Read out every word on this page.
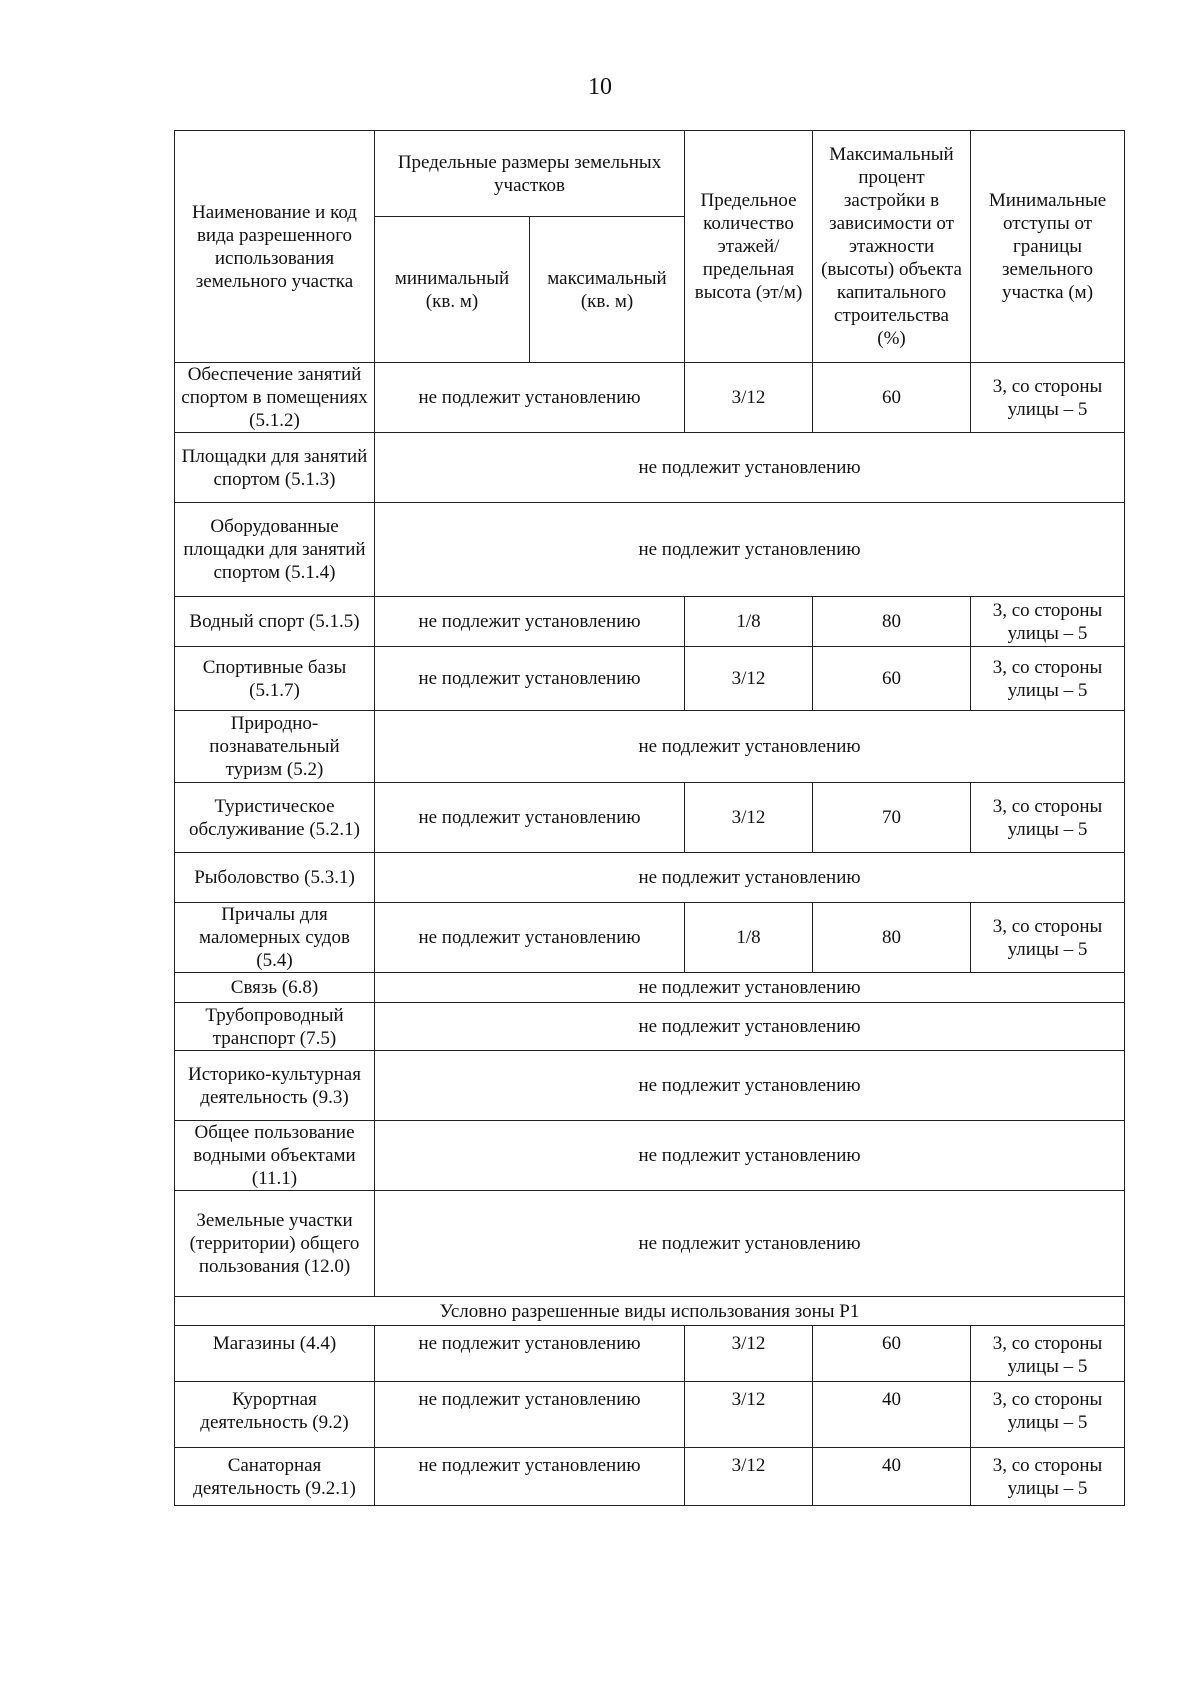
10
Наименование и код вида разрешенного использования земельного участка	Предельные размеры земельных участков		Предельное количество этажей/ предельная высота (эт/м)	Максимальный процент застройки в зависимости от этажности (высоты) объекта капитального строительства (%)	Минимальные отступы от границы земельного участка (м)
	минимальный (кв. м)	максимальный (кв. м)			
Обеспечение занятий спортом в помещениях (5.1.2)	не подлежит установлению		3/12	60	3, со стороны улицы – 5
Площадки для занятий спортом (5.1.3)	не подлежит установлению				
Оборудованные площадки для занятий спортом (5.1.4)	не подлежит установлению				
Водный спорт (5.1.5)	не подлежит установлению		1/8	80	3, со стороны улицы – 5
Спортивные базы (5.1.7)	не подлежит установлению		3/12	60	3, со стороны улицы – 5
Природно-познавательный туризм (5.2)	не подлежит установлению				
Туристическое обслуживание (5.2.1)	не подлежит установлению		3/12	70	3, со стороны улицы – 5
Рыболовство (5.3.1)	не подлежит установлению				
Причалы для маломерных судов (5.4)	не подлежит установлению		1/8	80	3, со стороны улицы – 5
Связь (6.8)	не подлежит установлению				
Трубопроводный транспорт (7.5)	не подлежит установлению				
Историко-культурная деятельность (9.3)	не подлежит установлению				
Общее пользование водными объектами (11.1)	не подлежит установлению				
Земельные участки (территории) общего пользования (12.0)	не подлежит установлению				
Условно разрешенные виды использования зоны Р1					
Магазины (4.4)	не подлежит установлению		3/12	60	3, со стороны улицы – 5
Курортная деятельность (9.2)	не подлежит установлению		3/12	40	3, со стороны улицы – 5
Санаторная деятельность (9.2.1)	не подлежит установлению		3/12	40	3, со стороны улицы – 5
